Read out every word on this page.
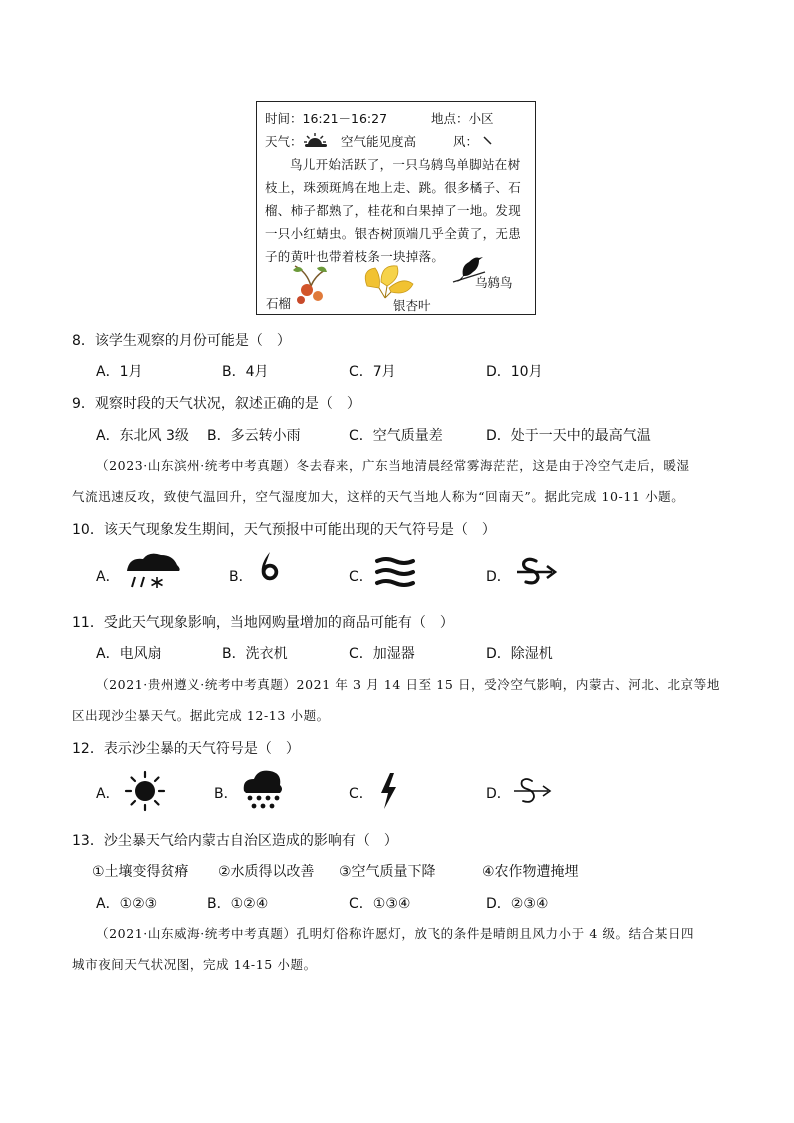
时间：16:21－16:27	地点：小区
天气：	空气能见度高	风：
鸟儿开始活跃了，一只乌鸫鸟单脚站在树
枝上，珠颈斑鸠在地上走、跳。很多橘子、石
榴、柿子都熟了，桂花和白果掉了一地。发现
一只小红蜻虫。银杏树顶端几乎全黄了，无患
子的黄叶也带着枝条一块掉落。
石榴	银杏叶
乌鸫鸟
8．该学生观察的月份可能是（　）
A．1月	B．4月	C．7月	D．10月
9．观察时段的天气状况，叙述正确的是（　）
A．东北风 3级 B．多云转小雨	C．空气质量差	D．处于一天中的最高气温
（2023·山东滨州·统考中考真题）冬去春来，广东当地清晨经常雾海茫茫，这是由于冷空气走后，暖湿
气流迅速反攻，致使气温回升，空气湿度加大，这样的天气当地人称为“回南天”。据此完成 10-11 小题。
10．该天气现象发生期间，天气预报中可能出现的天气符号是（　）
A．	B．	C．	D．
11．受此天气现象影响，当地网购量增加的商品可能有（　）
A．电风扇	B．洗衣机	C．加湿器	D．除湿机
（2021·贵州遵义·统考中考真题）2021 年 3 月 14 日至 15 日，受冷空气影响，内蒙古、河北、北京等地
区出现沙尘暴天气。据此完成 12-13 小题。
12．表示沙尘暴的天气符号是（　）
A．	B．	C．	D．
13．沙尘暴天气给内蒙古自治区造成的影响有（　）
①土壤变得贫瘠 ②水质得以改善 ③空气质量下降	④农作物遭掩埋
A．①②③	B．①②④	C．①③④	D．②③④
（2021·山东威海·统考中考真题）孔明灯俗称许愿灯，放飞的条件是晴朗且风力小于 4 级。结合某日四
城市夜间天气状况图，完成 14-15 小题。
